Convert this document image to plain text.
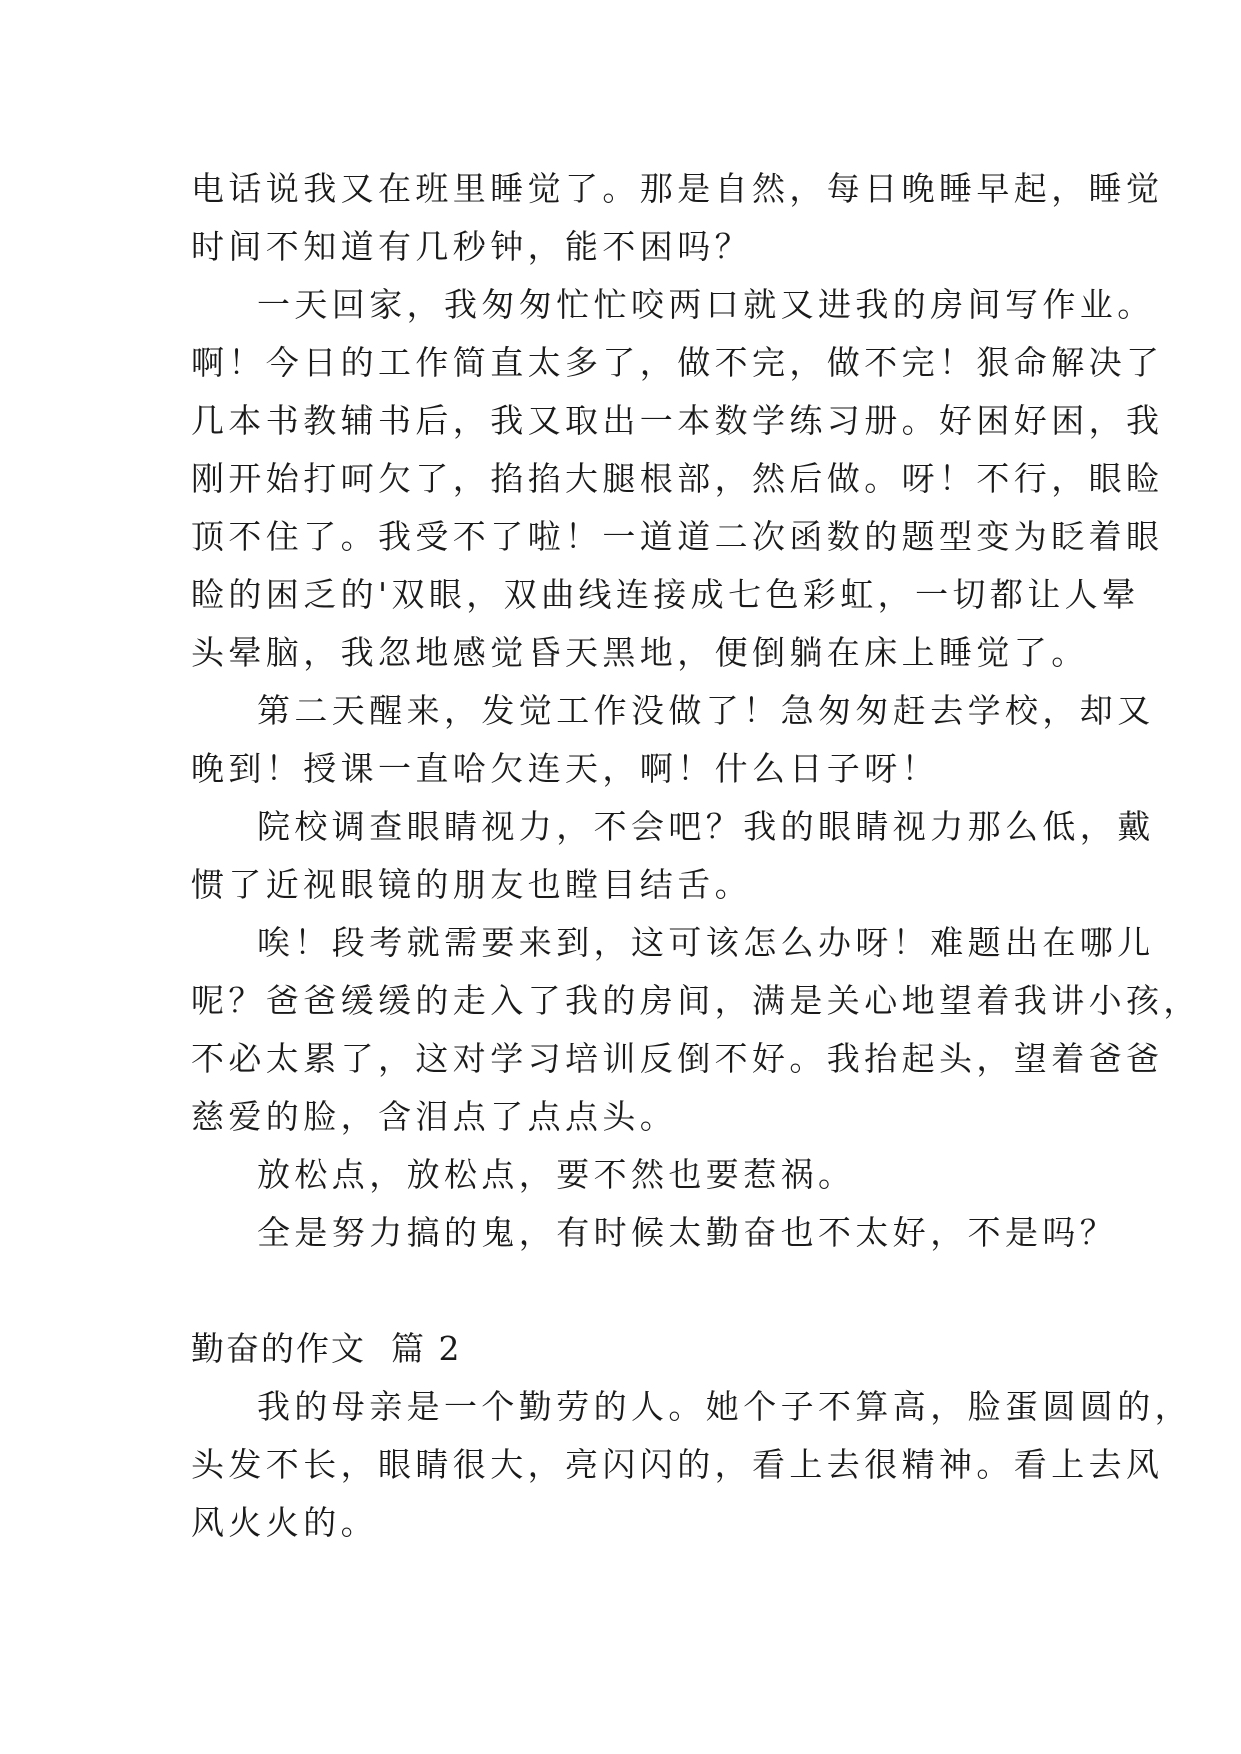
电话说我又在班里睡觉了。那是自然，每日晚睡早起，睡觉
时间不知道有几秒钟，能不困吗？
一天回家，我匆匆忙忙咬两口就又进我的房间写作业。
啊！今日的工作简直太多了，做不完，做不完！狠命解决了
几本书教辅书后，我又取出一本数学练习册。好困好困，我
刚开始打呵欠了，掐掐大腿根部，然后做。呀！不行，眼睑
顶不住了。我受不了啦！一道道二次函数的题型变为眨着眼
睑的困乏的'双眼，双曲线连接成七色彩虹，一切都让人晕
头晕脑，我忽地感觉昏天黑地，便倒躺在床上睡觉了。
第二天醒来，发觉工作没做了！急匆匆赶去学校，却又
晚到！授课一直哈欠连天，啊！什么日子呀！
院校调查眼睛视力，不会吧？我的眼睛视力那么低，戴
惯了近视眼镜的朋友也瞠目结舌。
唉！段考就需要来到，这可该怎么办呀！难题出在哪儿
呢？爸爸缓缓的走入了我的房间，满是关心地望着我讲小孩，
不必太累了，这对学习培训反倒不好。我抬起头，望着爸爸
慈爱的脸，含泪点了点点头。
放松点，放松点，要不然也要惹祸。
全是努力搞的鬼，有时候太勤奋也不太好，不是吗？
勤奋的作文  篇 2
我的母亲是一个勤劳的人。她个子不算高，脸蛋圆圆的，
头发不长，眼睛很大，亮闪闪的，看上去很精神。看上去风
风火火的。
